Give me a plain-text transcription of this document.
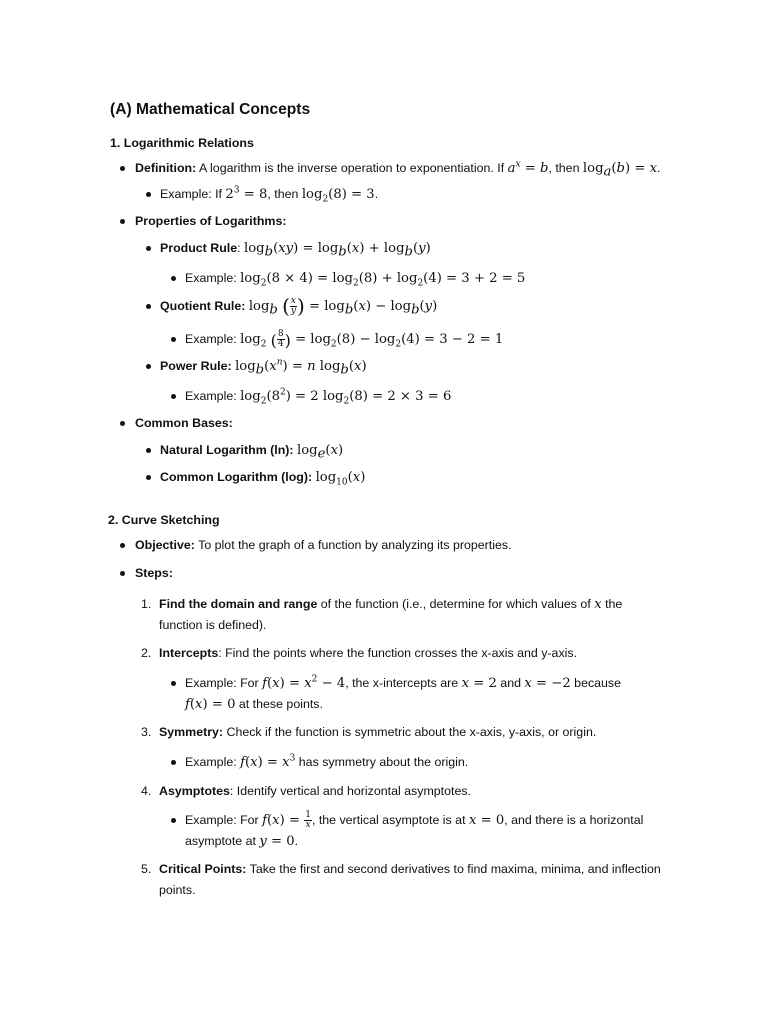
(A) Mathematical Concepts
1. Logarithmic Relations
Definition: A logarithm is the inverse operation to exponentiation. If $a^x = b$, then $\log_a(b) = x$.
Example: If $2^3 = 8$, then $\log_2(8) = 3$.
Properties of Logarithms:
Product Rule: $\log_b(xy) = \log_b(x) + \log_b(y)$
Example: $\log_2(8 \times 4) = \log_2(8) + \log_2(4) = 3 + 2 = 5$
Quotient Rule: $\log_b$ ( $\frac{x}{y}$ ) = $\log_b(x) - \log_b(y)$
Example: $\log_2$ ( $\frac{8}{4}$ ) = $\log_2(8) - \log_2(4) = 3 - 2 = 1$
Power Rule: $\log_b(x^n) = n$ $\log_b(x)$
Example: $\log_2(8^2) = 2$ $\log_2(8) = 2 \times 3 = 6$
Common Bases:
Natural Logarithm (ln): $\log_e(x)$
Common Logarithm (log): $\log_{10}(x)$
2. Curve Sketching
Objective: To plot the graph of a function by analyzing its properties.
Steps:
1. Find the domain and range of the function (i.e., determine for which values of x the
function is defined).
2. Intercepts: Find the points where the function crosses the x-axis and y-axis.
Example: For $f(x) = x^2 - 4$, the x-intercepts are x = 2 and x = −2 because
f(x) = 0 at these points.
3. Symmetry: Check if the function is symmetric about the x-axis, y-axis, or origin.
Example: $f(x) = x^3$ has symmetry about the origin.
4. Asymptotes: Identify vertical and horizontal asymptotes.
Example: For $f(x) = \frac{1}{x}$ , the vertical asymptote is at x = 0, and there is a horizontal
asymptote at y = 0.
5. Critical Points: Take the first and second derivatives to find maxima, minima, and inflection
points.
